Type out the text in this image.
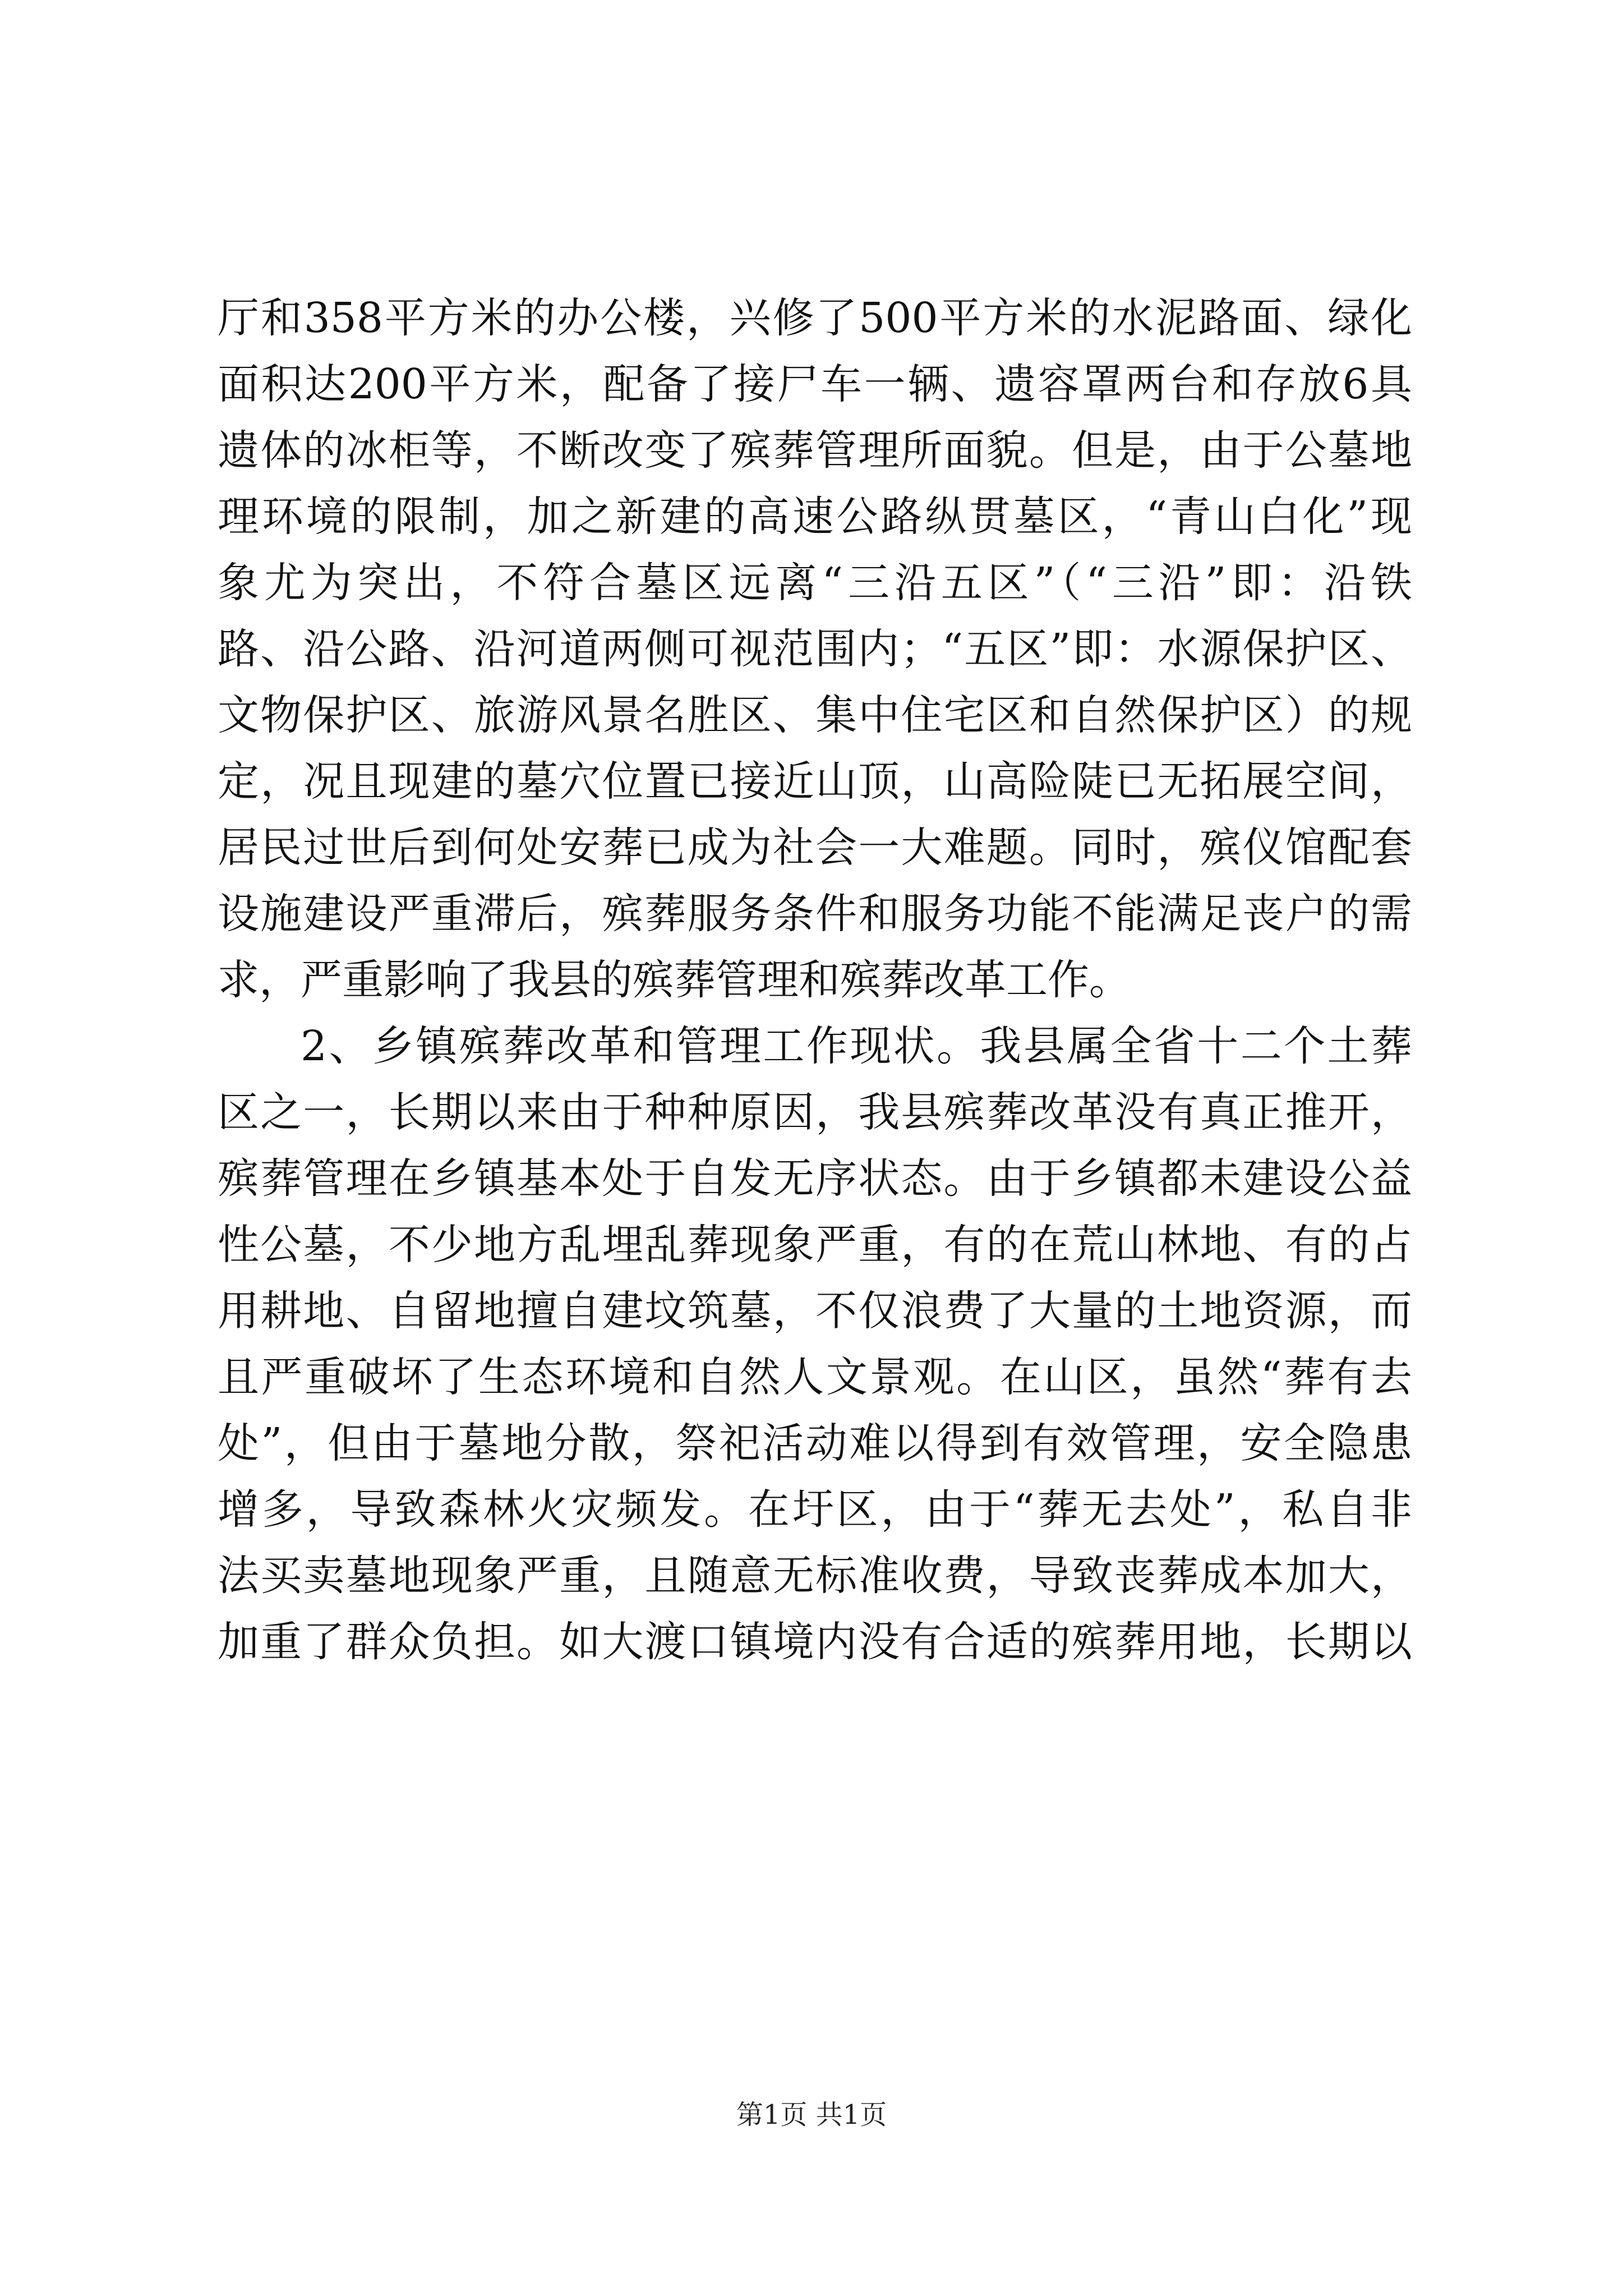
厅和358平方米的办公楼，兴修了500平方米的水泥路面、绿化
面积达200平方米，配备了接尸车一辆、遗容罩两台和存放6具
遗体的冰柜等，不断改变了殡葬管理所面貌。但是，由于公墓地
理环境的限制，加之新建的高速公路纵贯墓区，“青山白化”现
象尤为突出，不符合墓区远离“三沿五区”（“三沿”即：沿铁
路、沿公路、沿河道两侧可视范围内；“五区”即：水源保护区、
文物保护区、旅游风景名胜区、集中住宅区和自然保护区）的规
定，况且现建的墓穴位置已接近山顶，山高险陡已无拓展空间，
居民过世后到何处安葬已成为社会一大难题。同时，殡仪馆配套
设施建设严重滞后，殡葬服务条件和服务功能不能满足丧户的需
求，严重影响了我县的殡葬管理和殡葬改革工作。
2、乡镇殡葬改革和管理工作现状。我县属全省十二个土葬
区之一，长期以来由于种种原因，我县殡葬改革没有真正推开，
殡葬管理在乡镇基本处于自发无序状态。由于乡镇都未建设公益
性公墓，不少地方乱埋乱葬现象严重，有的在荒山林地、有的占
用耕地、自留地擅自建坟筑墓，不仅浪费了大量的土地资源，而
且严重破坏了生态环境和自然人文景观。在山区，虽然“葬有去
处”，但由于墓地分散，祭祀活动难以得到有效管理，安全隐患
增多，导致森林火灾频发。在圩区，由于“葬无去处”，私自非
法买卖墓地现象严重，且随意无标准收费，导致丧葬成本加大，
加重了群众负担。如大渡口镇境内没有合适的殡葬用地，长期以
第1页 共1页
